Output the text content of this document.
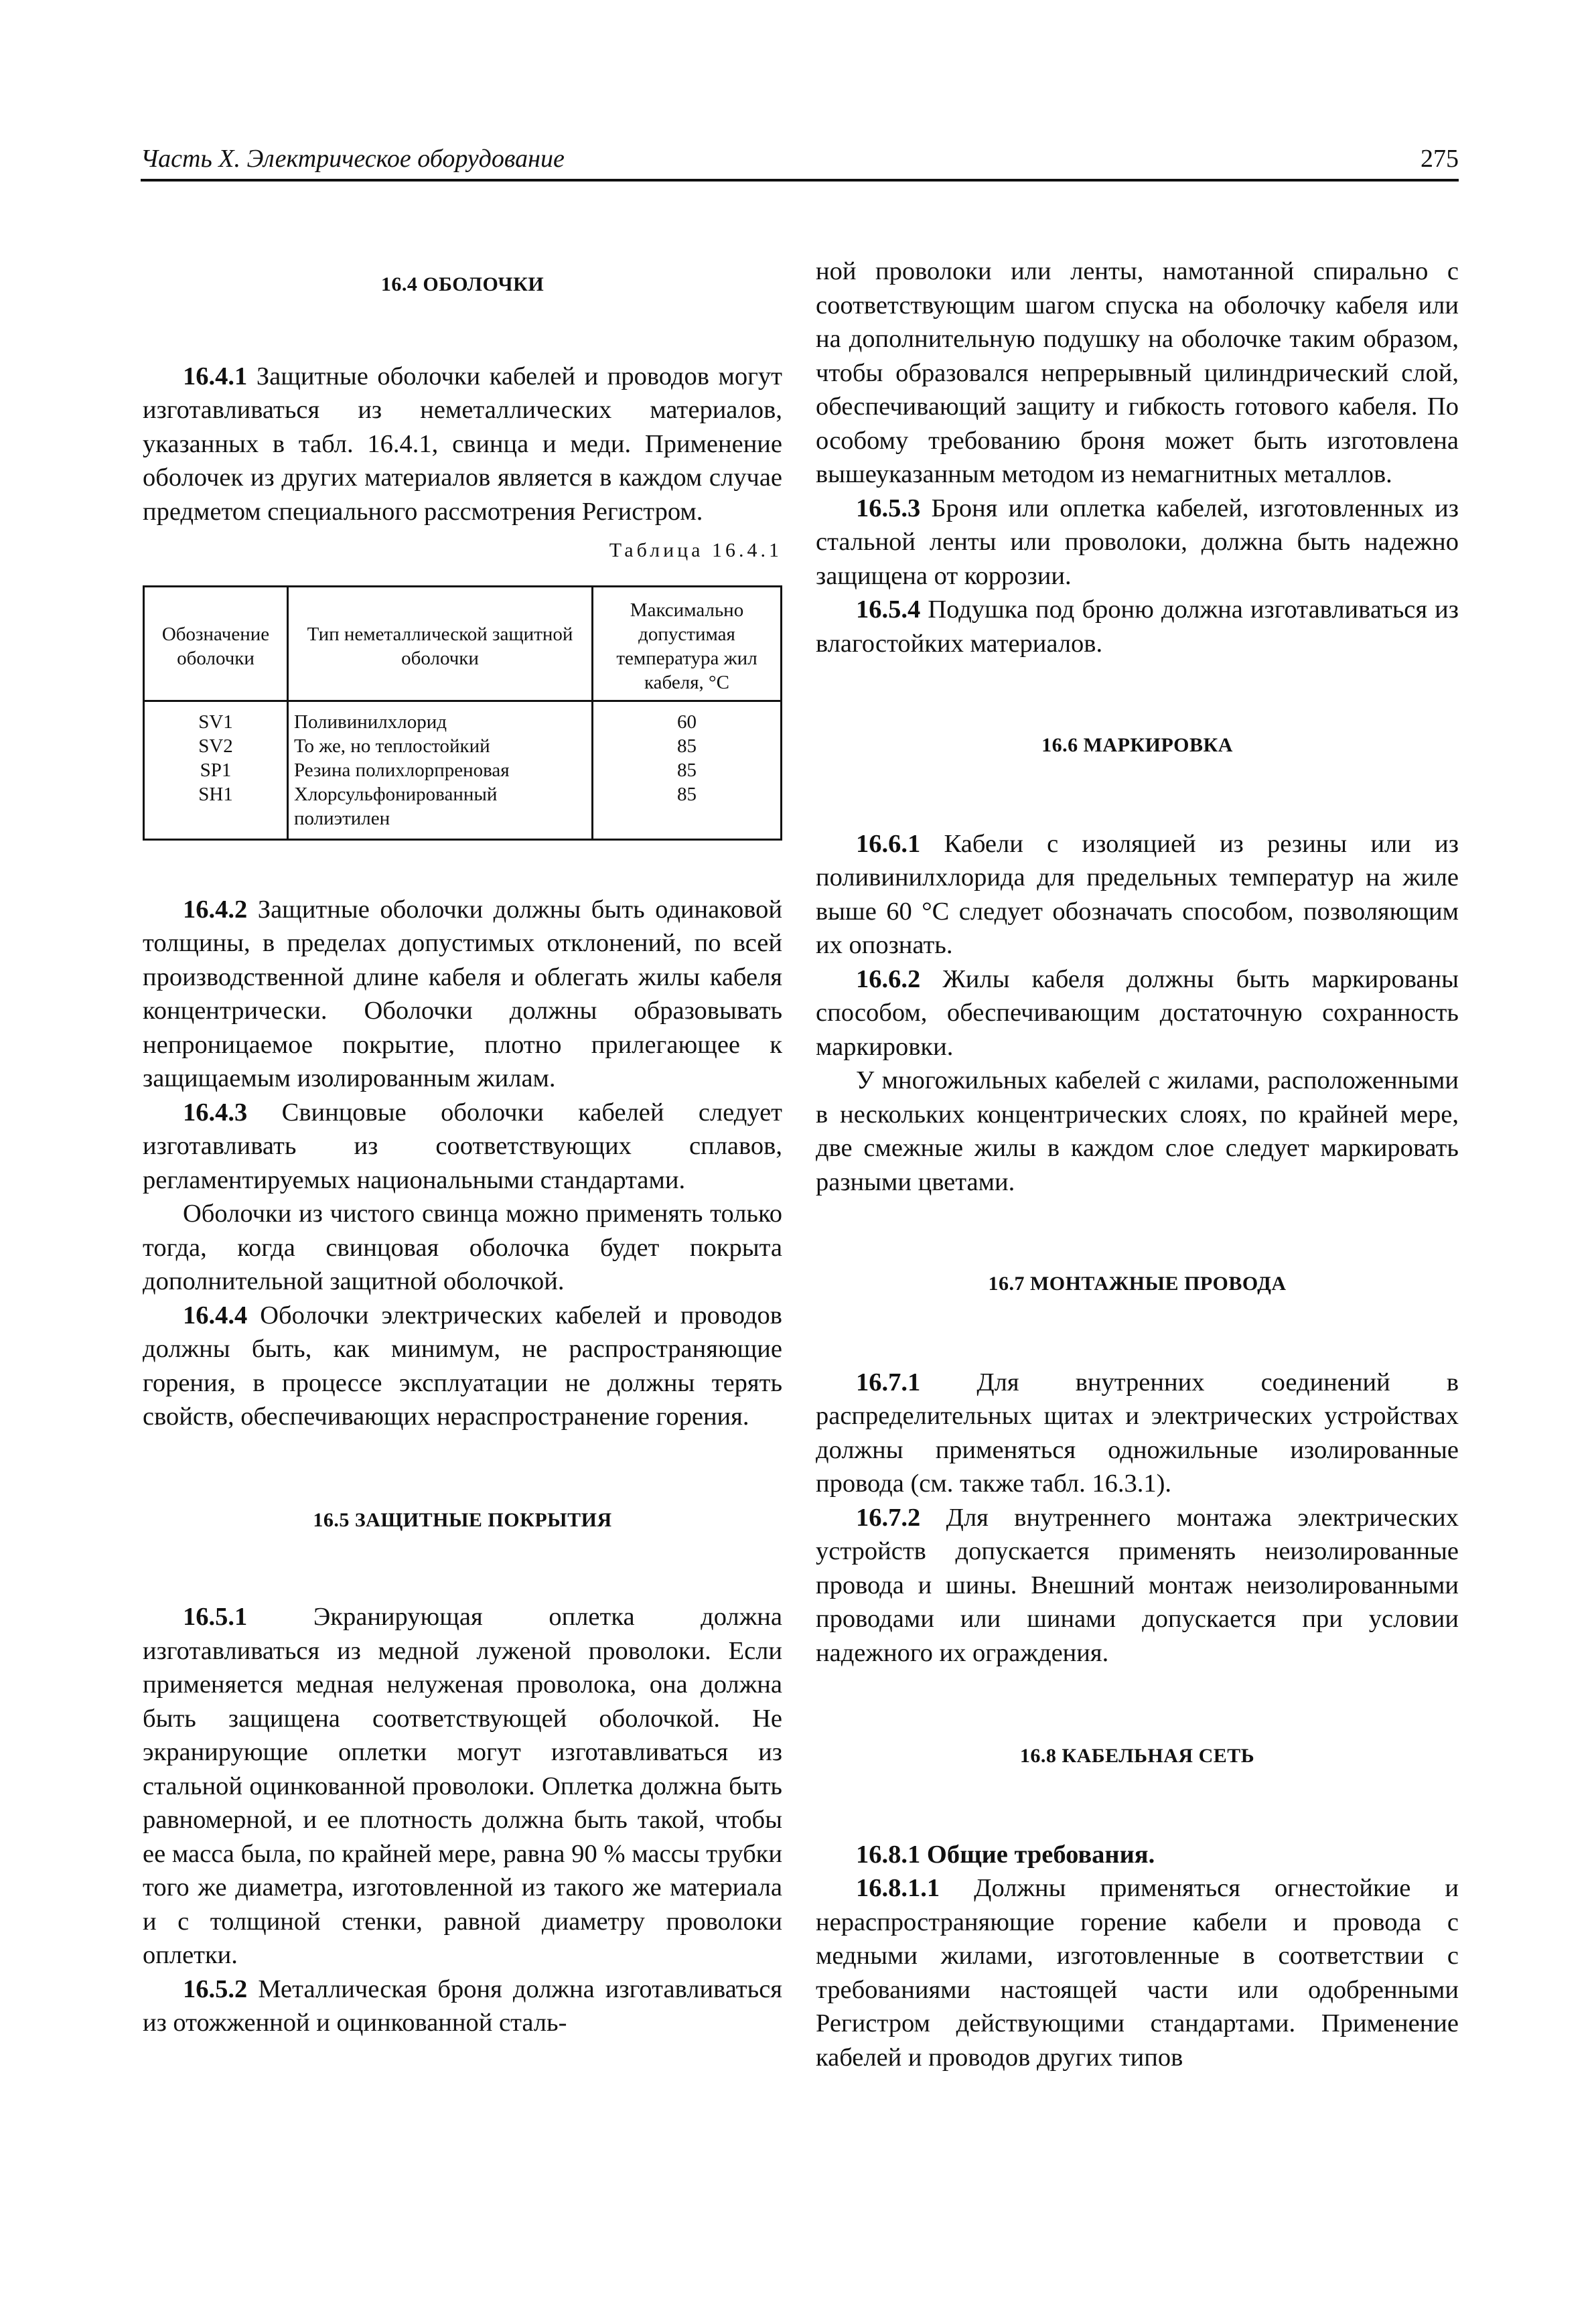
Часть X. Электрическое оборудование	275
16.4 ОБОЛОЧКИ

16.4.1 Защитные оболочки кабелей и проводов могут изготавливаться из неметаллических материалов, указанных в табл. 16.4.1, свинца и меди. Применение оболочек из других материалов является в каждом случае предметом специального рассмотрения Регистром.

Таблица 16.4.1
Обозначение оболочки	Тип неметаллической защитной оболочки	Максимально допустимая температура жил кабеля, °С
SV1	Поливинилхлорид	60
SV2	То же, но теплостойкий	85
SP1	Резина полихлорпреновая	85
SH1	Хлорсульфонированный полиэтилен	85

16.4.2 Защитные оболочки должны быть одинаковой толщины, в пределах допустимых отклонений, по всей производственной длине кабеля и облегать жилы кабеля концентрически. Оболочки должны образовывать непроницаемое покрытие, плотно прилегающее к защищаемым изолированным жилам.

16.4.3 Свинцовые оболочки кабелей следует изготавливать из соответствующих сплавов, регламентируемых национальными стандартами.

Оболочки из чистого свинца можно применять только тогда, когда свинцовая оболочка будет покрыта дополнительной защитной оболочкой.

16.4.4 Оболочки электрических кабелей и проводов должны быть, как минимум, не распространяющие горения, в процессе эксплуатации не должны терять свойств, обеспечивающих нераспространение горения.

16.5 ЗАЩИТНЫЕ ПОКРЫТИЯ

16.5.1 Экранирующая оплетка должна изготавливаться из медной луженой проволоки. Если применяется медная нелуженая проволока, она должна быть защищена соответствующей оболочкой. Не экранирующие оплетки могут изготавливаться из стальной оцинкованной проволоки. Оплетка должна быть равномерной, и ее плотность должна быть такой, чтобы ее масса была, по крайней мере, равна 90 % массы трубки того же диаметра, изготовленной из такого же материала и с толщиной стенки, равной диаметру проволоки оплетки.

16.5.2 Металлическая броня должна изготавливаться из отожженной и оцинкованной сталь-

ной проволоки или ленты, намотанной спирально с соответствующим шагом спуска на оболочку кабеля или на дополнительную подушку на оболочке таким образом, чтобы образовался непрерывный цилиндрический слой, обеспечивающий защиту и гибкость готового кабеля. По особому требованию броня может быть изготовлена вышеуказанным методом из немагнитных металлов.

16.5.3 Броня или оплетка кабелей, изготовленных из стальной ленты или проволоки, должна быть надежно защищена от коррозии.

16.5.4 Подушка под броню должна изготавливаться из влагостойких материалов.

16.6 МАРКИРОВКА

16.6.1 Кабели с изоляцией из резины или из поливинилхлорида для предельных температур на жиле выше 60 °С следует обозначать способом, позволяющим их опознать.

16.6.2 Жилы кабеля должны быть маркированы способом, обеспечивающим достаточную сохранность маркировки.

У многожильных кабелей с жилами, расположенными в нескольких концентрических слоях, по крайней мере, две смежные жилы в каждом слое следует маркировать разными цветами.

16.7 МОНТАЖНЫЕ ПРОВОДА

16.7.1 Для внутренних соединений в распределительных щитах и электрических устройствах должны применяться одножильные изолированные провода (см. также табл. 16.3.1).

16.7.2 Для внутреннего монтажа электрических устройств допускается применять неизолированные провода и шины. Внешний монтаж неизолированными проводами или шинами допускается при условии надежного их ограждения.

16.8 КАБЕЛЬНАЯ СЕТЬ
16.8.1 Общие требования.

16.8.1.1 Должны применяться огнестойкие и нераспространяющие горение кабели и провода с медными жилами, изготовленные в соответствии с требованиями настоящей части или одобренными Регистром действующими стандартами. Применение кабелей и проводов других типов
